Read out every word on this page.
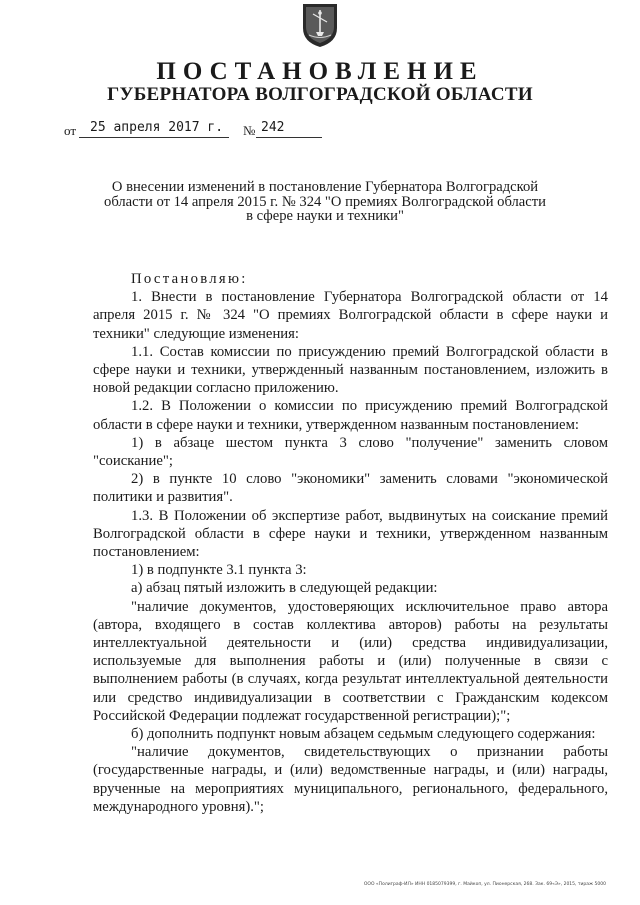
ПОСТАНОВЛЕНИЕ
ГУБЕРНАТОРА ВОЛГОГРАДСКОЙ ОБЛАСТИ
от 25 апреля 2017 г. № 242
О внесении изменений в постановление Губернатора Волгоградской
области от 14 апреля 2015 г. № 324 "О премиях Волгоградской области
в сфере науки и техники"

Постановляю:

1. Внести в постановление Губернатора Волгоградской области от 14 апреля 2015 г. № 324 "О премиях Волгоградской области в сфере науки и техники" следующие изменения:

1.1. Состав комиссии по присуждению премий Волгоградской области в сфере науки и техники, утвержденный названным постановлением, изложить в новой редакции согласно приложению.

1.2. В Положении о комиссии по присуждению премий Волгоградской области в сфере науки и техники, утвержденном названным постановлением:

1) в абзаце шестом пункта 3 слово "получение" заменить словом "соискание";

2) в пункте 10 слово "экономики" заменить словами "экономической политики и развития".

1.3. В Положении об экспертизе работ, выдвинутых на соискание премий Волгоградской области в сфере науки и техники, утвержденном названным постановлением:

1) в подпункте 3.1 пункта 3:

а) абзац пятый изложить в следующей редакции:

"наличие документов, удостоверяющих исключительное право автора (автора, входящего в состав коллектива авторов) работы на результаты интеллектуальной деятельности и (или) средства индивидуализации, используемые для выполнения работы и (или) полученные в связи с выполнением работы (в случаях, когда результат интеллектуальной деятельности или средство индивидуализации в соответствии с Гражданским кодексом Российской Федерации подлежат государственной регистрации);";

б) дополнить подпункт новым абзацем седьмым следующего содержания:

"наличие документов, свидетельствующих о признании работы (государственные награды, и (или) ведомственные награды, и (или) награды, врученные на мероприятиях муниципального, регионального, федерального, международного уровня).";

ООО «Полиграф-ИЛ» ИНН 0185079399, г. Майкоп, ул. Пионерская, 268. Зак. 69«Э», 2015, тираж 5000
